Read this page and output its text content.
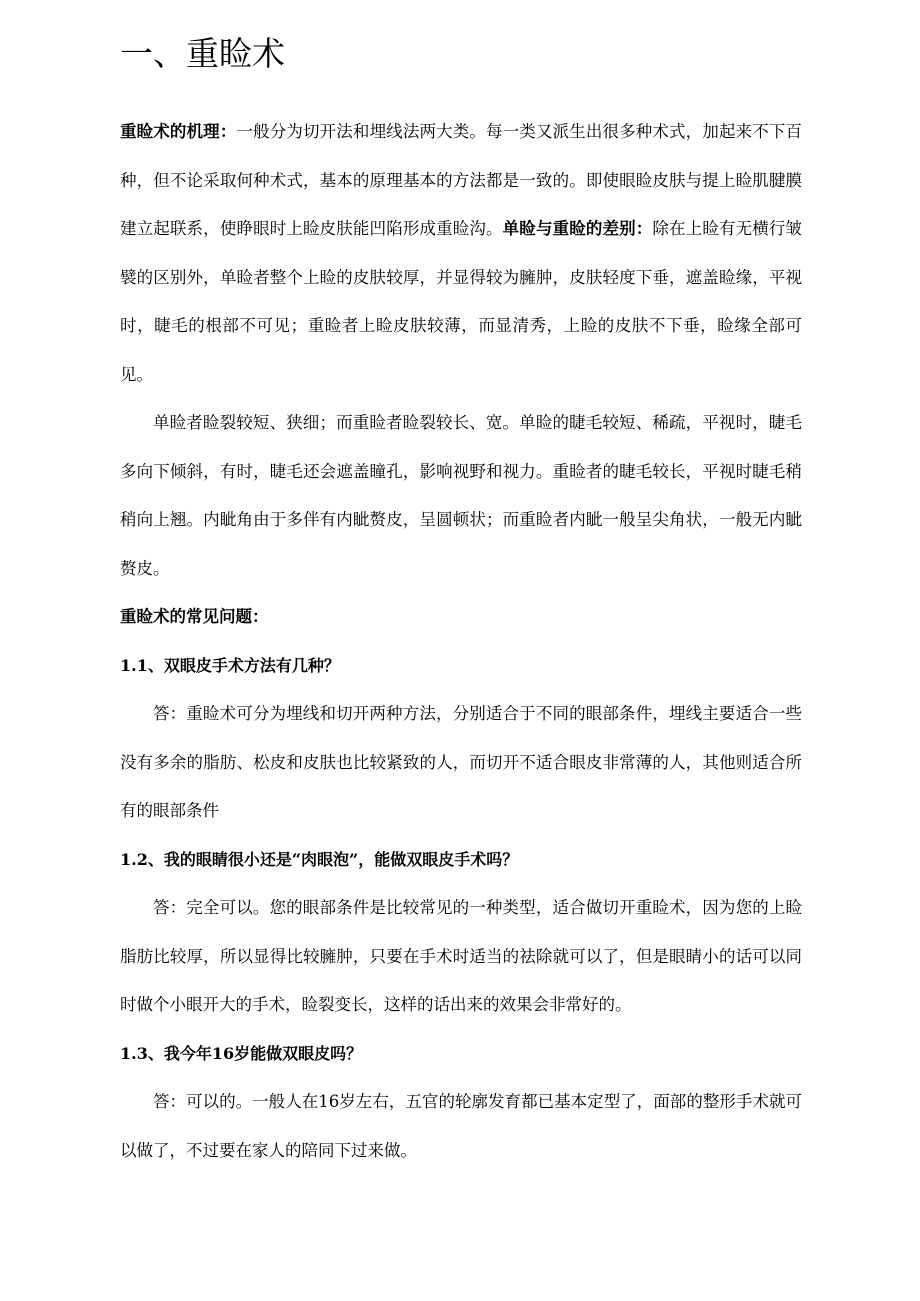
一、重睑术

重睑术的机理：一般分为切开法和埋线法两大类。每一类又派生出很多种术式，加起来不下百种，但不论采取何种术式，基本的原理基本的方法都是一致的。即使眼睑皮肤与提上睑肌腱膜建立起联系，使睁眼时上睑皮肤能凹陷形成重睑沟。单睑与重睑的差别：除在上睑有无横行皱襞的区别外，单睑者整个上睑的皮肤较厚，并显得较为臃肿，皮肤轻度下垂，遮盖睑缘，平视时，睫毛的根部不可见；重睑者上睑皮肤较薄，而显清秀，上睑的皮肤不下垂，睑缘全部可见。

单睑者睑裂较短、狭细；而重睑者睑裂较长、宽。单睑的睫毛较短、稀疏，平视时，睫毛多向下倾斜，有时，睫毛还会遮盖瞳孔，影响视野和视力。重睑者的睫毛较长，平视时睫毛稍稍向上翘。内眦角由于多伴有内眦赘皮，呈圆顿状；而重睑者内眦一般呈尖角状，一般无内眦赘皮。

重睑术的常见问题：

1.1、双眼皮手术方法有几种？

答：重睑术可分为埋线和切开两种方法，分别适合于不同的眼部条件，埋线主要适合一些没有多余的脂肪、松皮和皮肤也比较紧致的人，而切开不适合眼皮非常薄的人，其他则适合所有的眼部条件

1.2、我的眼睛很小还是“肉眼泡”，能做双眼皮手术吗？

答：完全可以。您的眼部条件是比较常见的一种类型，适合做切开重睑术，因为您的上睑脂肪比较厚，所以显得比较臃肿，只要在手术时适当的祛除就可以了，但是眼睛小的话可以同时做个小眼开大的手术，睑裂变长，这样的话出来的效果会非常好的。

1.3、我今年16岁能做双眼皮吗？

答：可以的。一般人在16岁左右，五官的轮廓发育都已基本定型了，面部的整形手术就可以做了，不过要在家人的陪同下过来做。
